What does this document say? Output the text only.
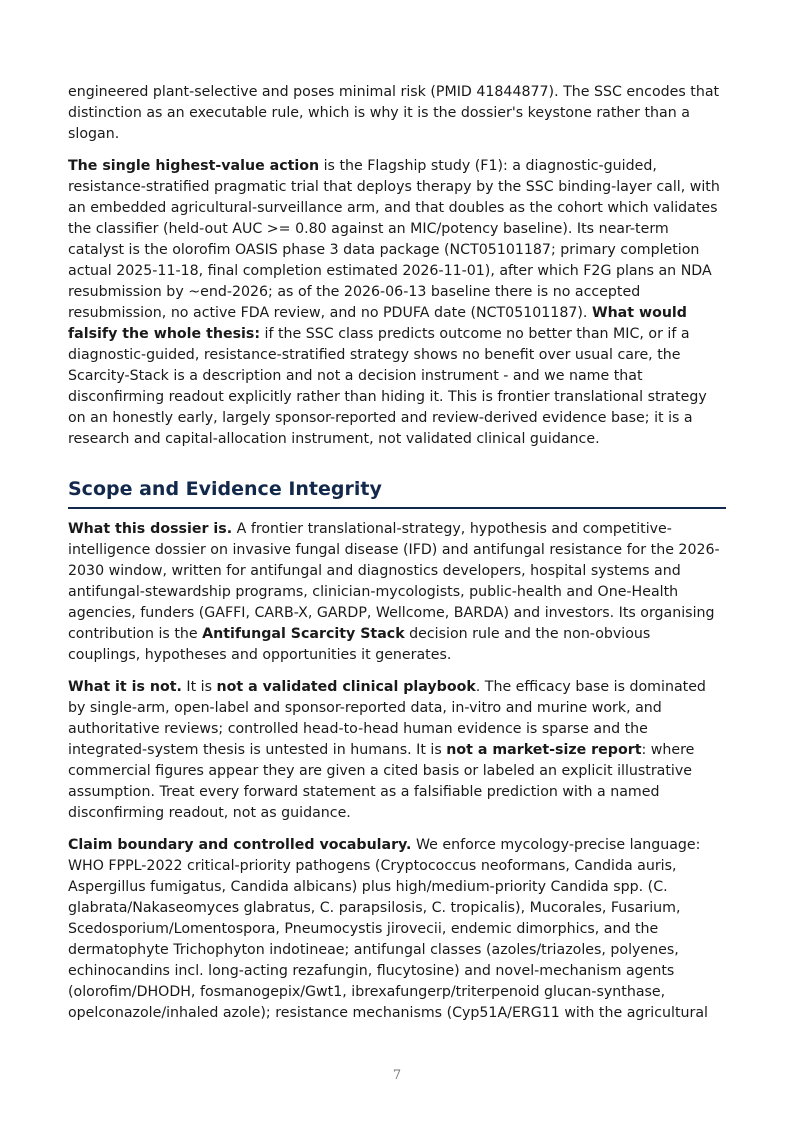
engineered plant-selective and poses minimal risk (PMID 41844877). The SSC encodes that distinction as an executable rule, which is why it is the dossier's keystone rather than a slogan.

The single highest-value action is the Flagship study (F1): a diagnostic-guided, resistance-stratified pragmatic trial that deploys therapy by the SSC binding-layer call, with an embedded agricultural-surveillance arm, and that doubles as the cohort which validates the classifier (held-out AUC >= 0.80 against an MIC/potency baseline). Its near-term catalyst is the olorofim OASIS phase 3 data package (NCT05101187; primary completion actual 2025-11-18, final completion estimated 2026-11-01), after which F2G plans an NDA resubmission by ~end-2026; as of the 2026-06-13 baseline there is no accepted resubmission, no active FDA review, and no PDUFA date (NCT05101187). What would falsify the whole thesis: if the SSC class predicts outcome no better than MIC, or if a diagnostic-guided, resistance-stratified strategy shows no benefit over usual care, the Scarcity-Stack is a description and not a decision instrument - and we name that disconfirming readout explicitly rather than hiding it. This is frontier translational strategy on an honestly early, largely sponsor-reported and review-derived evidence base; it is a research and capital-allocation instrument, not validated clinical guidance.

Scope and Evidence Integrity

What this dossier is. A frontier translational-strategy, hypothesis and competitive-intelligence dossier on invasive fungal disease (IFD) and antifungal resistance for the 2026-2030 window, written for antifungal and diagnostics developers, hospital systems and antifungal-stewardship programs, clinician-mycologists, public-health and One-Health agencies, funders (GAFFI, CARB-X, GARDP, Wellcome, BARDA) and investors. Its organising contribution is the Antifungal Scarcity Stack decision rule and the non-obvious couplings, hypotheses and opportunities it generates.

What it is not. It is not a validated clinical playbook. The efficacy base is dominated by single-arm, open-label and sponsor-reported data, in-vitro and murine work, and authoritative reviews; controlled head-to-head human evidence is sparse and the integrated-system thesis is untested in humans. It is not a market-size report: where commercial figures appear they are given a cited basis or labeled an explicit illustrative assumption. Treat every forward statement as a falsifiable prediction with a named disconfirming readout, not as guidance.

Claim boundary and controlled vocabulary. We enforce mycology-precise language: WHO FPPL-2022 critical-priority pathogens (Cryptococcus neoformans, Candida auris, Aspergillus fumigatus, Candida albicans) plus high/medium-priority Candida spp. (C. glabrata/Nakaseomyces glabratus, C. parapsilosis, C. tropicalis), Mucorales, Fusarium, Scedosporium/Lomentospora, Pneumocystis jirovecii, endemic dimorphics, and the dermatophyte Trichophyton indotineae; antifungal classes (azoles/triazoles, polyenes, echinocandins incl. long-acting rezafungin, flucytosine) and novel-mechanism agents (olorofim/DHODH, fosmanogepix/Gwt1, ibrexafungerp/triterpenoid glucan-synthase, opelconazole/inhaled azole); resistance mechanisms (Cyp51A/ERG11 with the agricultural

7
